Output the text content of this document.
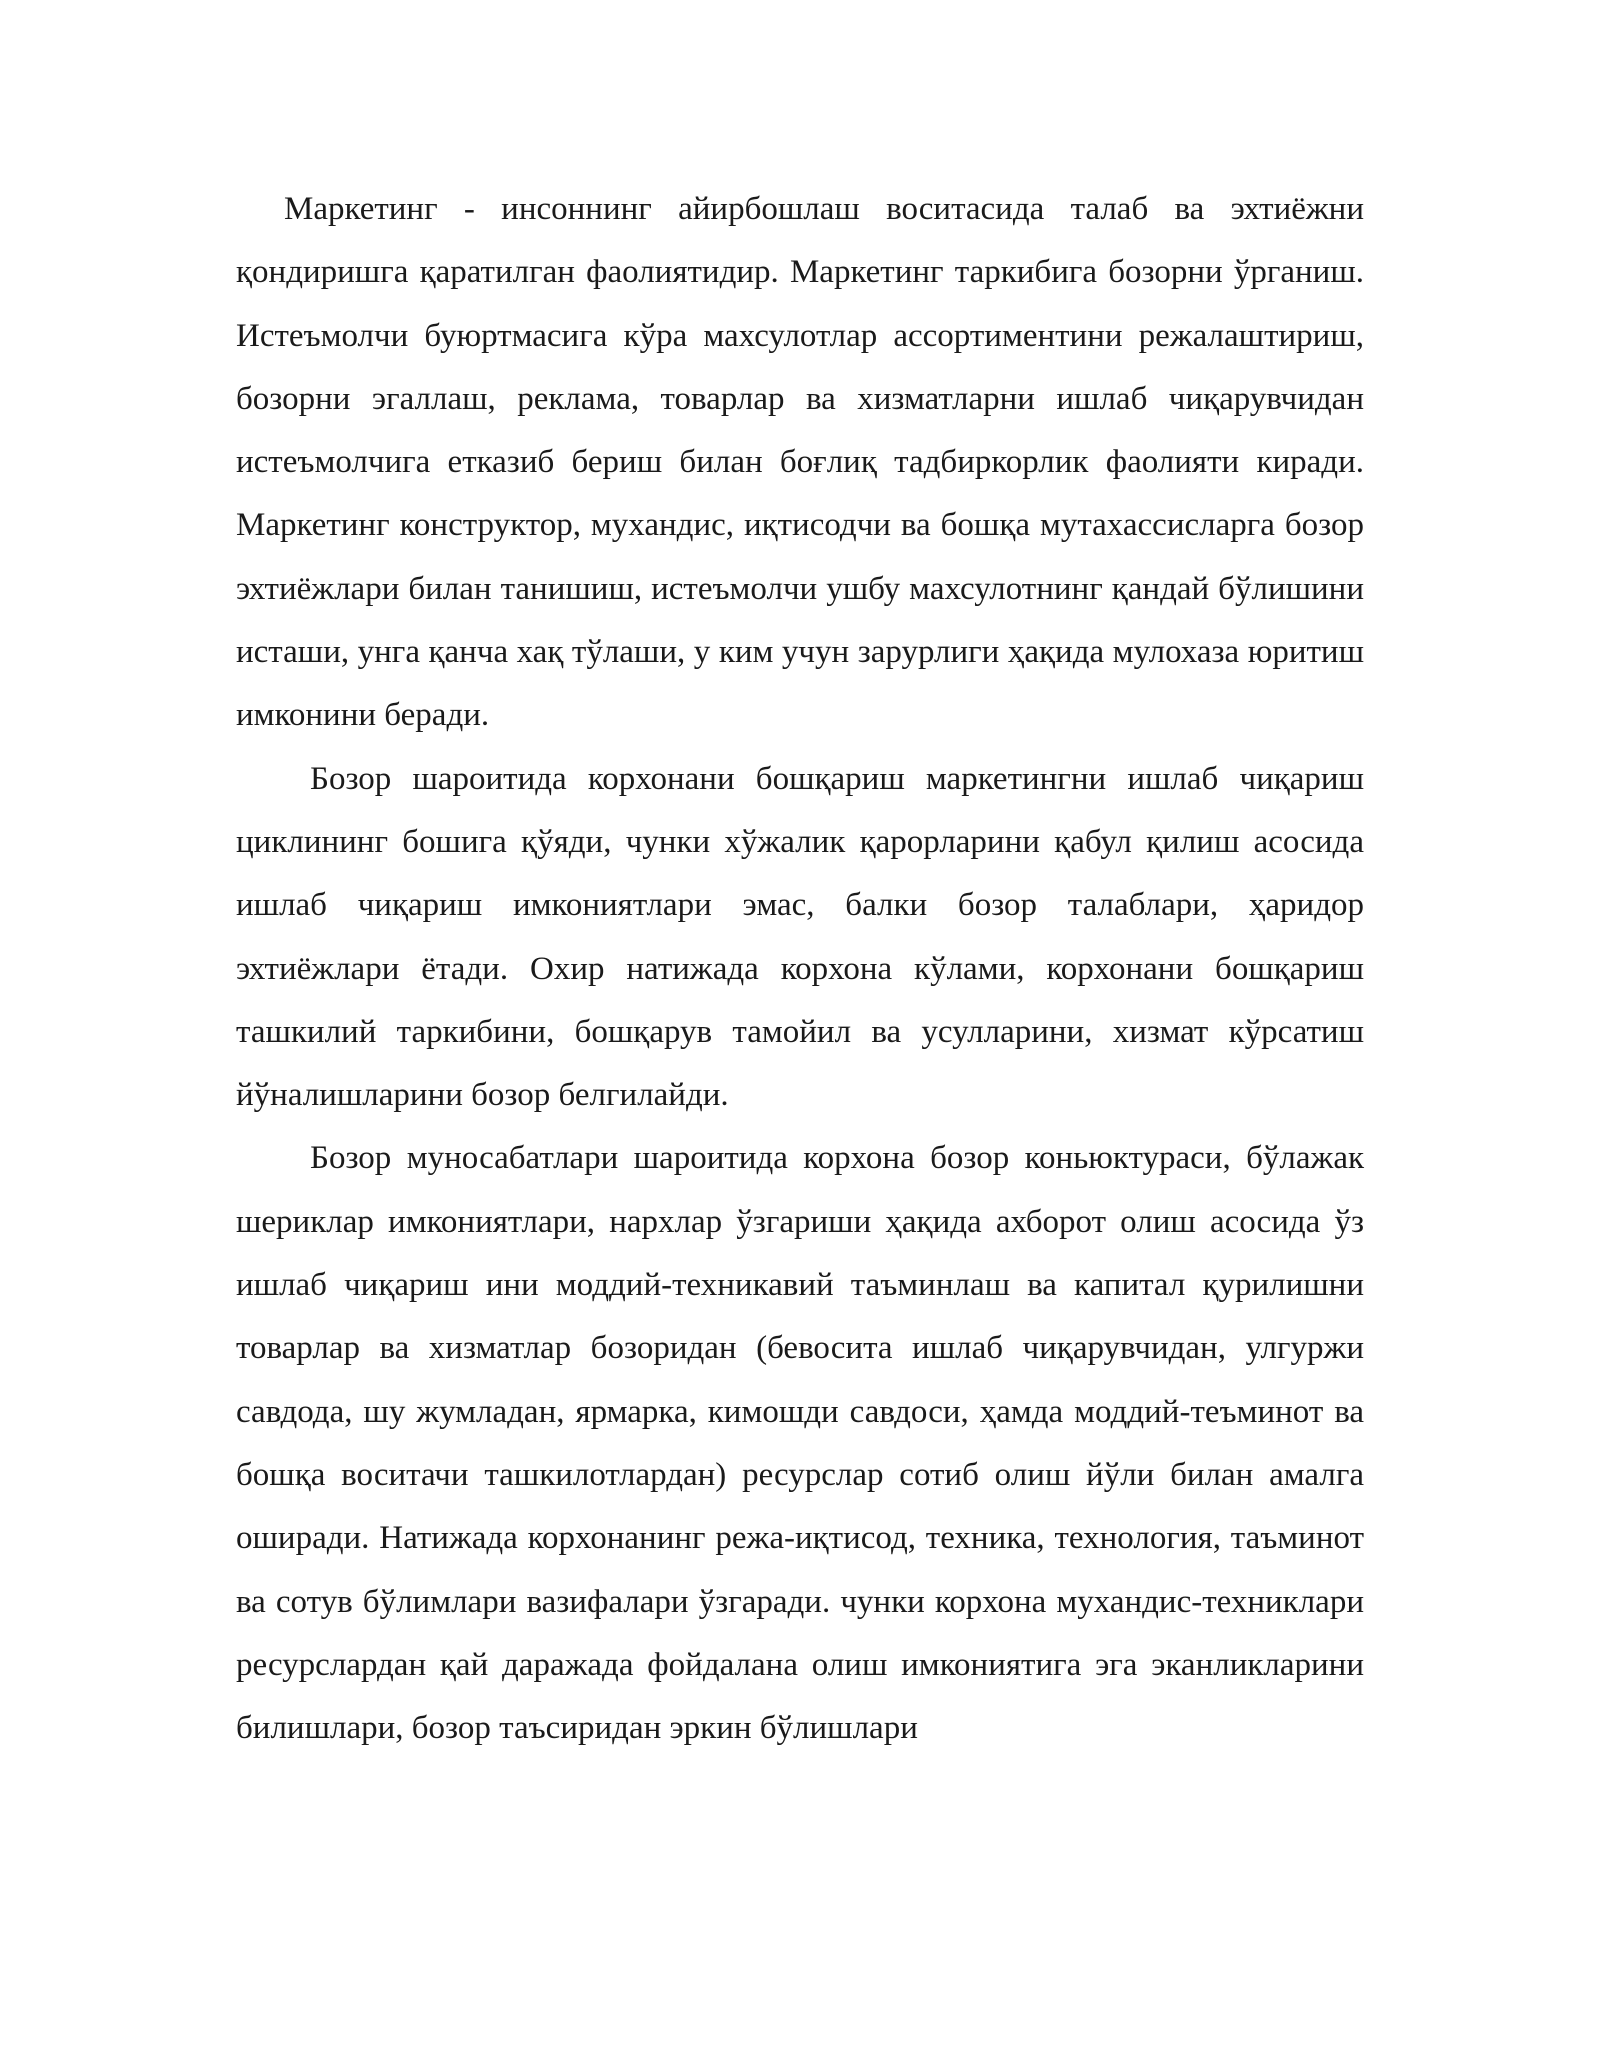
Маркетинг - инсоннинг айирбошлаш воситасида талаб ва эхтиёжни қондиришга қаратилган фаолиятидир. Маркетинг таркибига бозорни ўрганиш. Истеъмолчи буюртмасига кўра махсулотлар ассортиментини режалаштириш, бозорни эгаллаш, реклама, товарлар ва хизматларни ишлаб чиқарувчидан истеъмолчига етказиб бериш билан боғлиқ тадбиркорлик фаолияти киради. Маркетинг конструктор, мухандис, иқтисодчи ва бошқа мутахассисларга бозор эхтиёжлари билан танишиш, истеъмолчи ушбу махсулотнинг қандай бўлишини исташи, унга қанча хақ тўлаши, у ким учун зарурлиги ҳақида мулохаза юритиш имконини беради.

Бозор шароитида корхонани бошқариш маркетингни ишлаб чиқариш циклининг бошига қўяди, чунки хўжалик қарорларини қабул қилиш асосида ишлаб чиқариш имкониятлари эмас, балки бозор талаблари, ҳаридор эхтиёжлари ётади. Охир натижада корхона кўлами, корхонани бошқариш ташкилий таркибини, бошқарув тамойил ва усулларини, хизмат кўрсатиш йўналишларини бозор белгилайди.

Бозор муносабатлари шароитида корхона бозор коньюктураси, бўлажак шериклар имкониятлари, нархлар ўзгариши ҳақида ахборот олиш асосида ўз ишлаб чиқариш ини моддий-техникавий таъминлаш ва капитал қурилишни товарлар ва хизматлар бозоридан (бевосита ишлаб чиқарувчидан, улгуржи савдода, шу жумладан, ярмарка, кимошди савдоси, ҳамда моддий-теъминот ва бошқа воситачи ташкилотлардан) ресурслар сотиб олиш йўли билан амалга оширади. Натижада корхонанинг режа-иқтисод, техника, технология, таъминот ва сотув бўлимлари вазифалари ўзгаради. чунки корхона мухандис-техниклари ресурслардан қай даражада фойдалана олиш имкониятига эга эканликларини билишлари, бозор таъсиридан эркин бўлишлари
